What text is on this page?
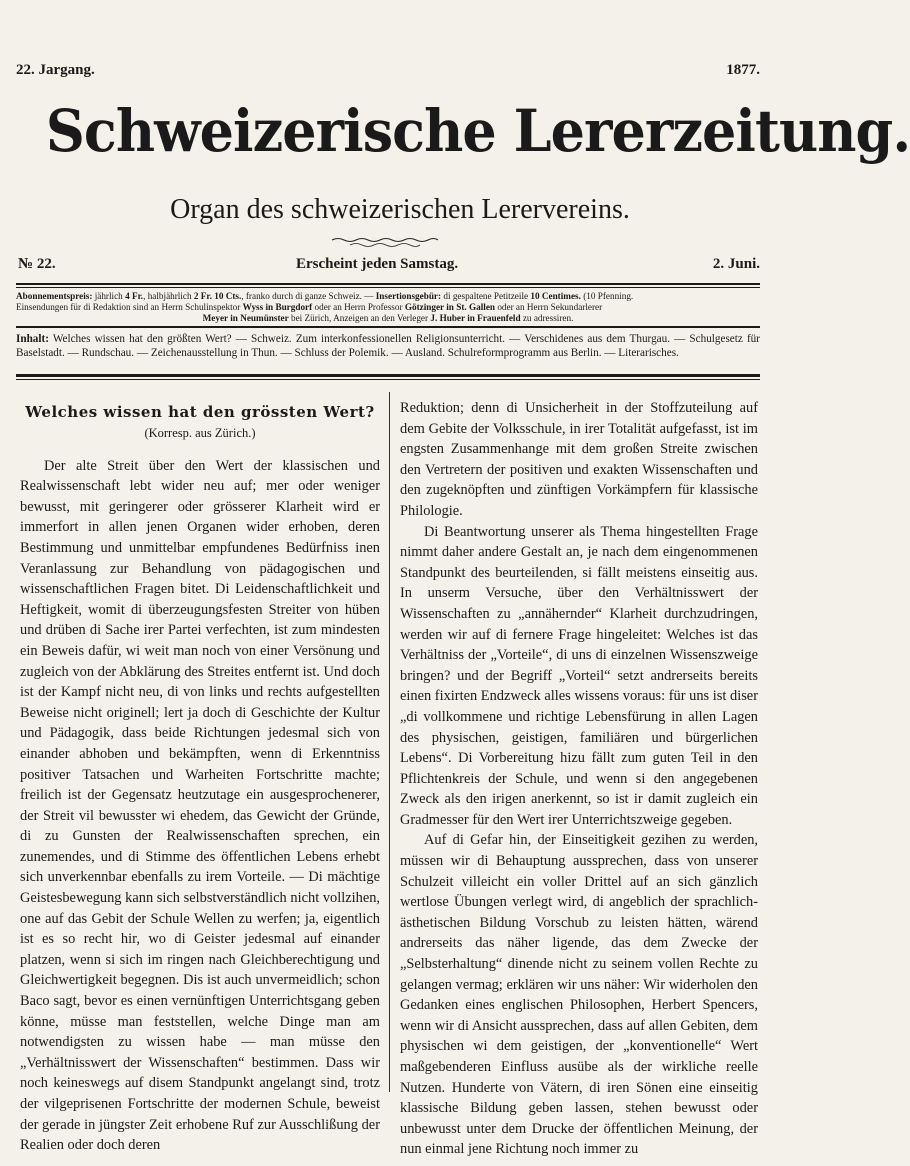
22. Jargang.	1877.
Schweizerische Lererzeitung.
Organ des schweizerischen Lerervereins.
№ 22.	Erscheint jeden Samstag.	2. Juni.
Abonnementspreis: jährlich 4 Fr., halbjährlich 2 Fr. 10 Cts., franko durch di ganze Schweiz. — Insertionsgebür: di gespaltene Petitzeile 10 Centimes. (10 Pfenning.
Einsendungen für di Redaktion sind an Herrn Schulinspektor Wyss in Burgdorf oder an Herrn Professor Götzinger in St. Gallen oder an Herrn Sekundarlerer
Meyer in Neumünster bei Zürich, Anzeigen an den Verleger J. Huber in Frauenfeld zu adressiren.
Inhalt: Welches wissen hat den größten Wert? — Schweiz. Zum interkonfessionellen Religionsunterricht. — Verschidenes aus dem Thurgau. — Schulgesetz für Baselstadt. — Rundschau. — Zeichenausstellung in Thun. — Schluss der Polemik. — Ausland. Schulreformprogramm aus Berlin. — Literarisches.
Welches wissen hat den grössten Wert?
(Korresp. aus Zürich.)

Der alte Streit über den Wert der klassischen und Realwissenschaft lebt wider neu auf; mer oder weniger bewusst, mit geringerer oder grösserer Klarheit wird er immerfort in allen jenen Organen wider erhoben, deren Bestimmung und unmittelbar empfundenes Bedürfniss inen Veranlassung zur Behandlung von pädagogischen und wissenschaftlichen Fragen bitet. Di Leidenschaftlichkeit und Heftigkeit, womit di überzeugungsfesten Streiter von hüben und drüben di Sache irer Partei verfechten, ist zum mindesten ein Beweis dafür, wi weit man noch von einer Versönung und zugleich von der Abklärung des Streites entfernt ist. Und doch ist der Kampf nicht neu, di von links und rechts aufgestellten Beweise nicht originell; lert ja doch di Geschichte der Kultur und Pädagogik, dass beide Richtungen jedesmal sich von einander abhoben und bekämpften, wenn di Erkenntniss positiver Tatsachen und Warheiten Fortschritte machte; freilich ist der Gegensatz heutzutage ein ausgesprochenerer, der Streit vil bewusster wi ehedem, das Gewicht der Gründe, di zu Gunsten der Realwissenschaften sprechen, ein zunemendes, und di Stimme des öffentlichen Lebens erhebt sich unverkennbar ebenfalls zu irem Vorteile. — Di mächtige Geistesbewegung kann sich selbstverständlich nicht vollzihen, one auf das Gebit der Schule Wellen zu werfen; ja, eigentlich ist es so recht hir, wo di Geister jedesmal auf einander platzen, wenn si sich im ringen nach Gleichberechtigung und Gleichwertigkeit begegnen. Dis ist auch unvermeidlich; schon Baco sagt, bevor es einen vernünftigen Unterrichtsgang geben könne, müsse man feststellen, welche Dinge man am notwendigsten zu wissen habe — man müsse den „Verhältnisswert der Wissenschaften“ bestimmen. Dass wir noch keineswegs auf disem Standpunkt angelangt sind, trotz der vilgeprisenen Fortschritte der modernen Schule, beweist der gerade in jüngster Zeit erhobene Ruf zur Ausschlißung der Realien oder doch deren

Reduktion; denn di Unsicherheit in der Stoffzuteilung auf dem Gebite der Volksschule, in irer Totalität aufgefasst, ist im engsten Zusammenhange mit dem großen Streite zwischen den Vertretern der positiven und exakten Wissenschaften und den zugeknöpften und zünftigen Vorkämpfern für klassische Philologie.

Di Beantwortung unserer als Thema hingestellten Frage nimmt daher andere Gestalt an, je nach dem eingenommenen Standpunkt des beurteilenden, si fällt meistens einseitig aus. In unserm Versuche, über den Verhältnisswert der Wissenschaften zu „annähernder“ Klarheit durchzudringen, werden wir auf di fernere Frage hingeleitet: Welches ist das Verhältniss der „Vorteile“, di uns di einzelnen Wissenszweige bringen? und der Begriff „Vorteil“ setzt andrerseits bereits einen fixirten Endzweck alles wissens voraus: für uns ist diser „di vollkommene und richtige Lebensfürung in allen Lagen des physischen, geistigen, familiären und bürgerlichen Lebens“. Di Vorbereitung hizu fällt zum guten Teil in den Pflichtenkreis der Schule, und wenn si den angegebenen Zweck als den irigen anerkennt, so ist ir damit zugleich ein Gradmesser für den Wert irer Unterrichtszweige gegeben.

Auf di Gefar hin, der Einseitigkeit gezihen zu werden, müssen wir di Behauptung aussprechen, dass von unserer Schulzeit villeicht ein voller Drittel auf an sich gänzlich wertlose Übungen verlegt wird, di angeblich der sprachlich-ästhetischen Bildung Vorschub zu leisten hätten, wärend andrerseits das näher ligende, das dem Zwecke der „Selbsterhaltung“ dinende nicht zu seinem vollen Rechte zu gelangen vermag; erklären wir uns näher: Wir widerholen den Gedanken eines englischen Philosophen, Herbert Spencers, wenn wir di Ansicht aussprechen, dass auf allen Gebiten, dem physischen wi dem geistigen, der „konventionelle“ Wert maßgebenderen Einfluss ausübe als der wirkliche reelle Nutzen. Hunderte von Vätern, di iren Sönen eine einseitig klassische Bildung geben lassen, stehen bewusst oder unbewusst unter dem Drucke der öffentlichen Meinung, der nun einmal jene Richtung noch immer zu
